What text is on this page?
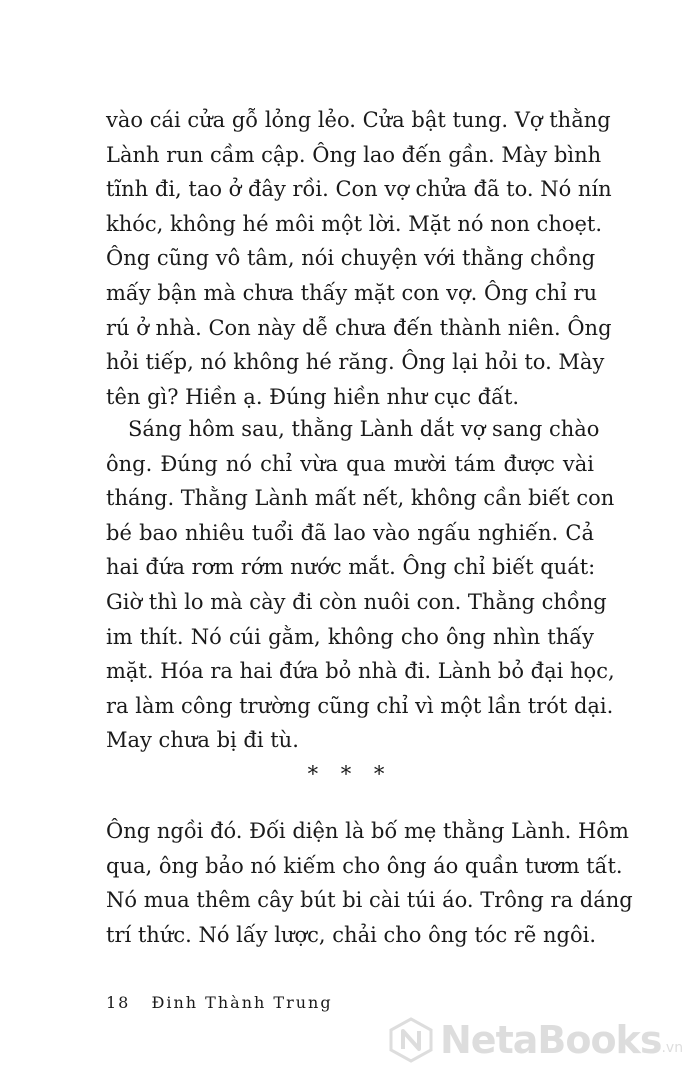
vào cái cửa gỗ lỏng lẻo. Cửa bật tung. Vợ thằng
Lành run cầm cập. Ông lao đến gần. Mày bình
tĩnh đi, tao ở đây rồi. Con vợ chửa đã to. Nó nín
khóc, không hé môi một lời. Mặt nó non choẹt.
Ông cũng vô tâm, nói chuyện với thằng chồng
mấy bận mà chưa thấy mặt con vợ. Ông chỉ ru
rú ở nhà. Con này dễ chưa đến thành niên. Ông
hỏi tiếp, nó không hé răng. Ông lại hỏi to. Mày
tên gì? Hiền ạ. Đúng hiền như cục đất.
Sáng hôm sau, thằng Lành dắt vợ sang chào
ông. Đúng nó chỉ vừa qua mười tám được vài
tháng. Thằng Lành mất nết, không cần biết con
bé bao nhiêu tuổi đã lao vào ngấu nghiến. Cả
hai đứa rơm rớm nước mắt. Ông chỉ biết quát:
Giờ thì lo mà cày đi còn nuôi con. Thằng chồng
im thít. Nó cúi gằm, không cho ông nhìn thấy
mặt. Hóa ra hai đứa bỏ nhà đi. Lành bỏ đại học,
ra làm công trường cũng chỉ vì một lần trót dại.
May chưa bị đi tù.
* * *
Ông ngồi đó. Đối diện là bố mẹ thằng Lành. Hôm
qua, ông bảo nó kiếm cho ông áo quần tươm tất.
Nó mua thêm cây bút bi cài túi áo. Trông ra dáng
trí thức. Nó lấy lược, chải cho ông tóc rẽ ngôi.
18 Đinh Thành Trung
NetaBooks .vn
